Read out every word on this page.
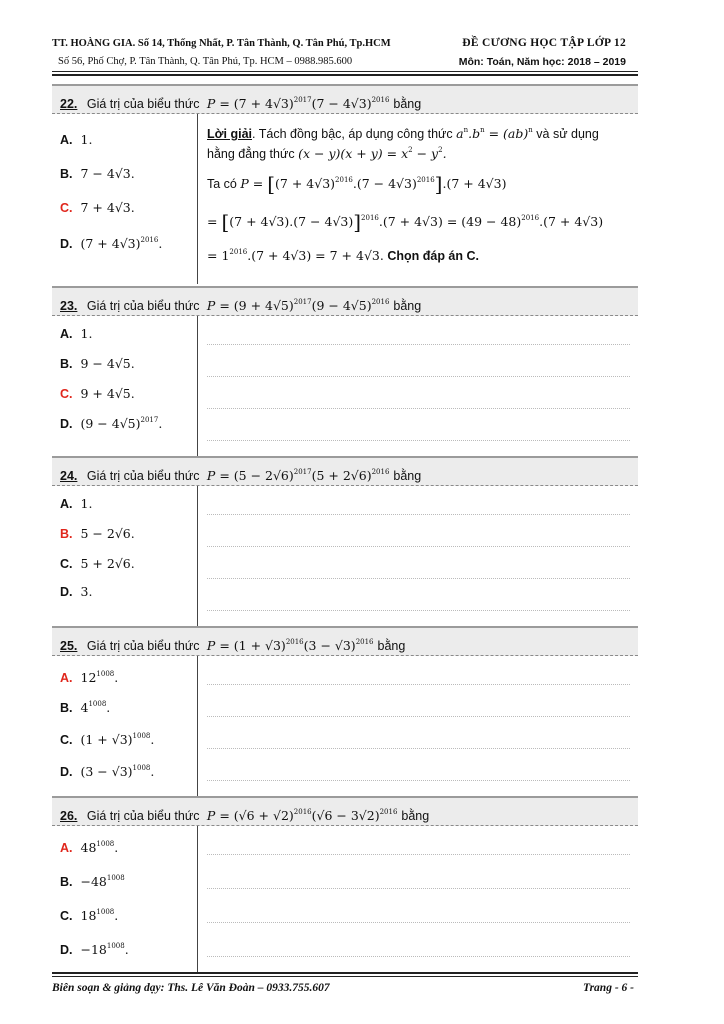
TT. HOÀNG GIA. Số 14, Thống Nhất, P. Tân Thành, Q. Tân Phú, Tp.HCM
Số 56, Phố Chợ, P. Tân Thành, Q. Tân Phú, Tp. HCM – 0988.985.600
ĐỀ CƯƠNG HỌC TẬP LỚP 12
Môn: Toán, Năm học: 2018 – 2019
22. Giá trị của biểu thức  $P = (7 + 4√3)^{2017}(7 - 4√3)^{2016}$ bằng
A. 1.
B. 7 − 4√3.
C. 7 + 4√3.
D. $(7 + 4√3)^{2016}$.
Lời giải. Tách đồng bậc, áp dụng công thức $a^n.b^n = (ab)^n$ và sử dụng
hằng đẳng thức $(x - y)(x + y) = x^2 - y^2$.
Ta có $P = [(7 + 4√3)^{2016}.(7 - 4√3)^{2016}].(7 + 4√3)$
= $[(7 + 4√3).(7 - 4√3)]^{2016}.(7 + 4√3) = (49 - 48)^{2016}.(7 + 4√3)$
= $1^{2016}.(7 + 4√3) = 7 + 4√3$. Chọn đáp án C.
23. Giá trị của biểu thức  $P = (9 + 4√5)^{2017}(9 - 4√5)^{2016}$ bằng
A. 1.
B. 9 − 4√5.
C. 9 + 4√5.
D. $(9 - 4√5)^{2017}$.
24. Giá trị của biểu thức  $P = (5 - 2√6)^{2017}(5 + 2√6)^{2016}$ bằng
A. 1.
B. 5 − 2√6.
C. 5 + 2√6.
D. 3.
25. Giá trị của biểu thức  $P = (1 + √3)^{2016}(3 - √3)^{2016}$ bằng
A. $12^{1008}$.
B. $4^{1008}$.
C. $(1 + √3)^{1008}$.
D. $(3 - √3)^{1008}$.
26. Giá trị của biểu thức  $P = (√6 + √2)^{2016}(√6 - 3√2)^{2016}$ bằng
A. $48^{1008}$.
B. $-48^{1008}$
C. $18^{1008}$.
D. $-18^{1008}$.
Biên soạn & giảng dạy: Ths. Lê Văn Đoàn – 0933.755.607	Trang - 6 -
